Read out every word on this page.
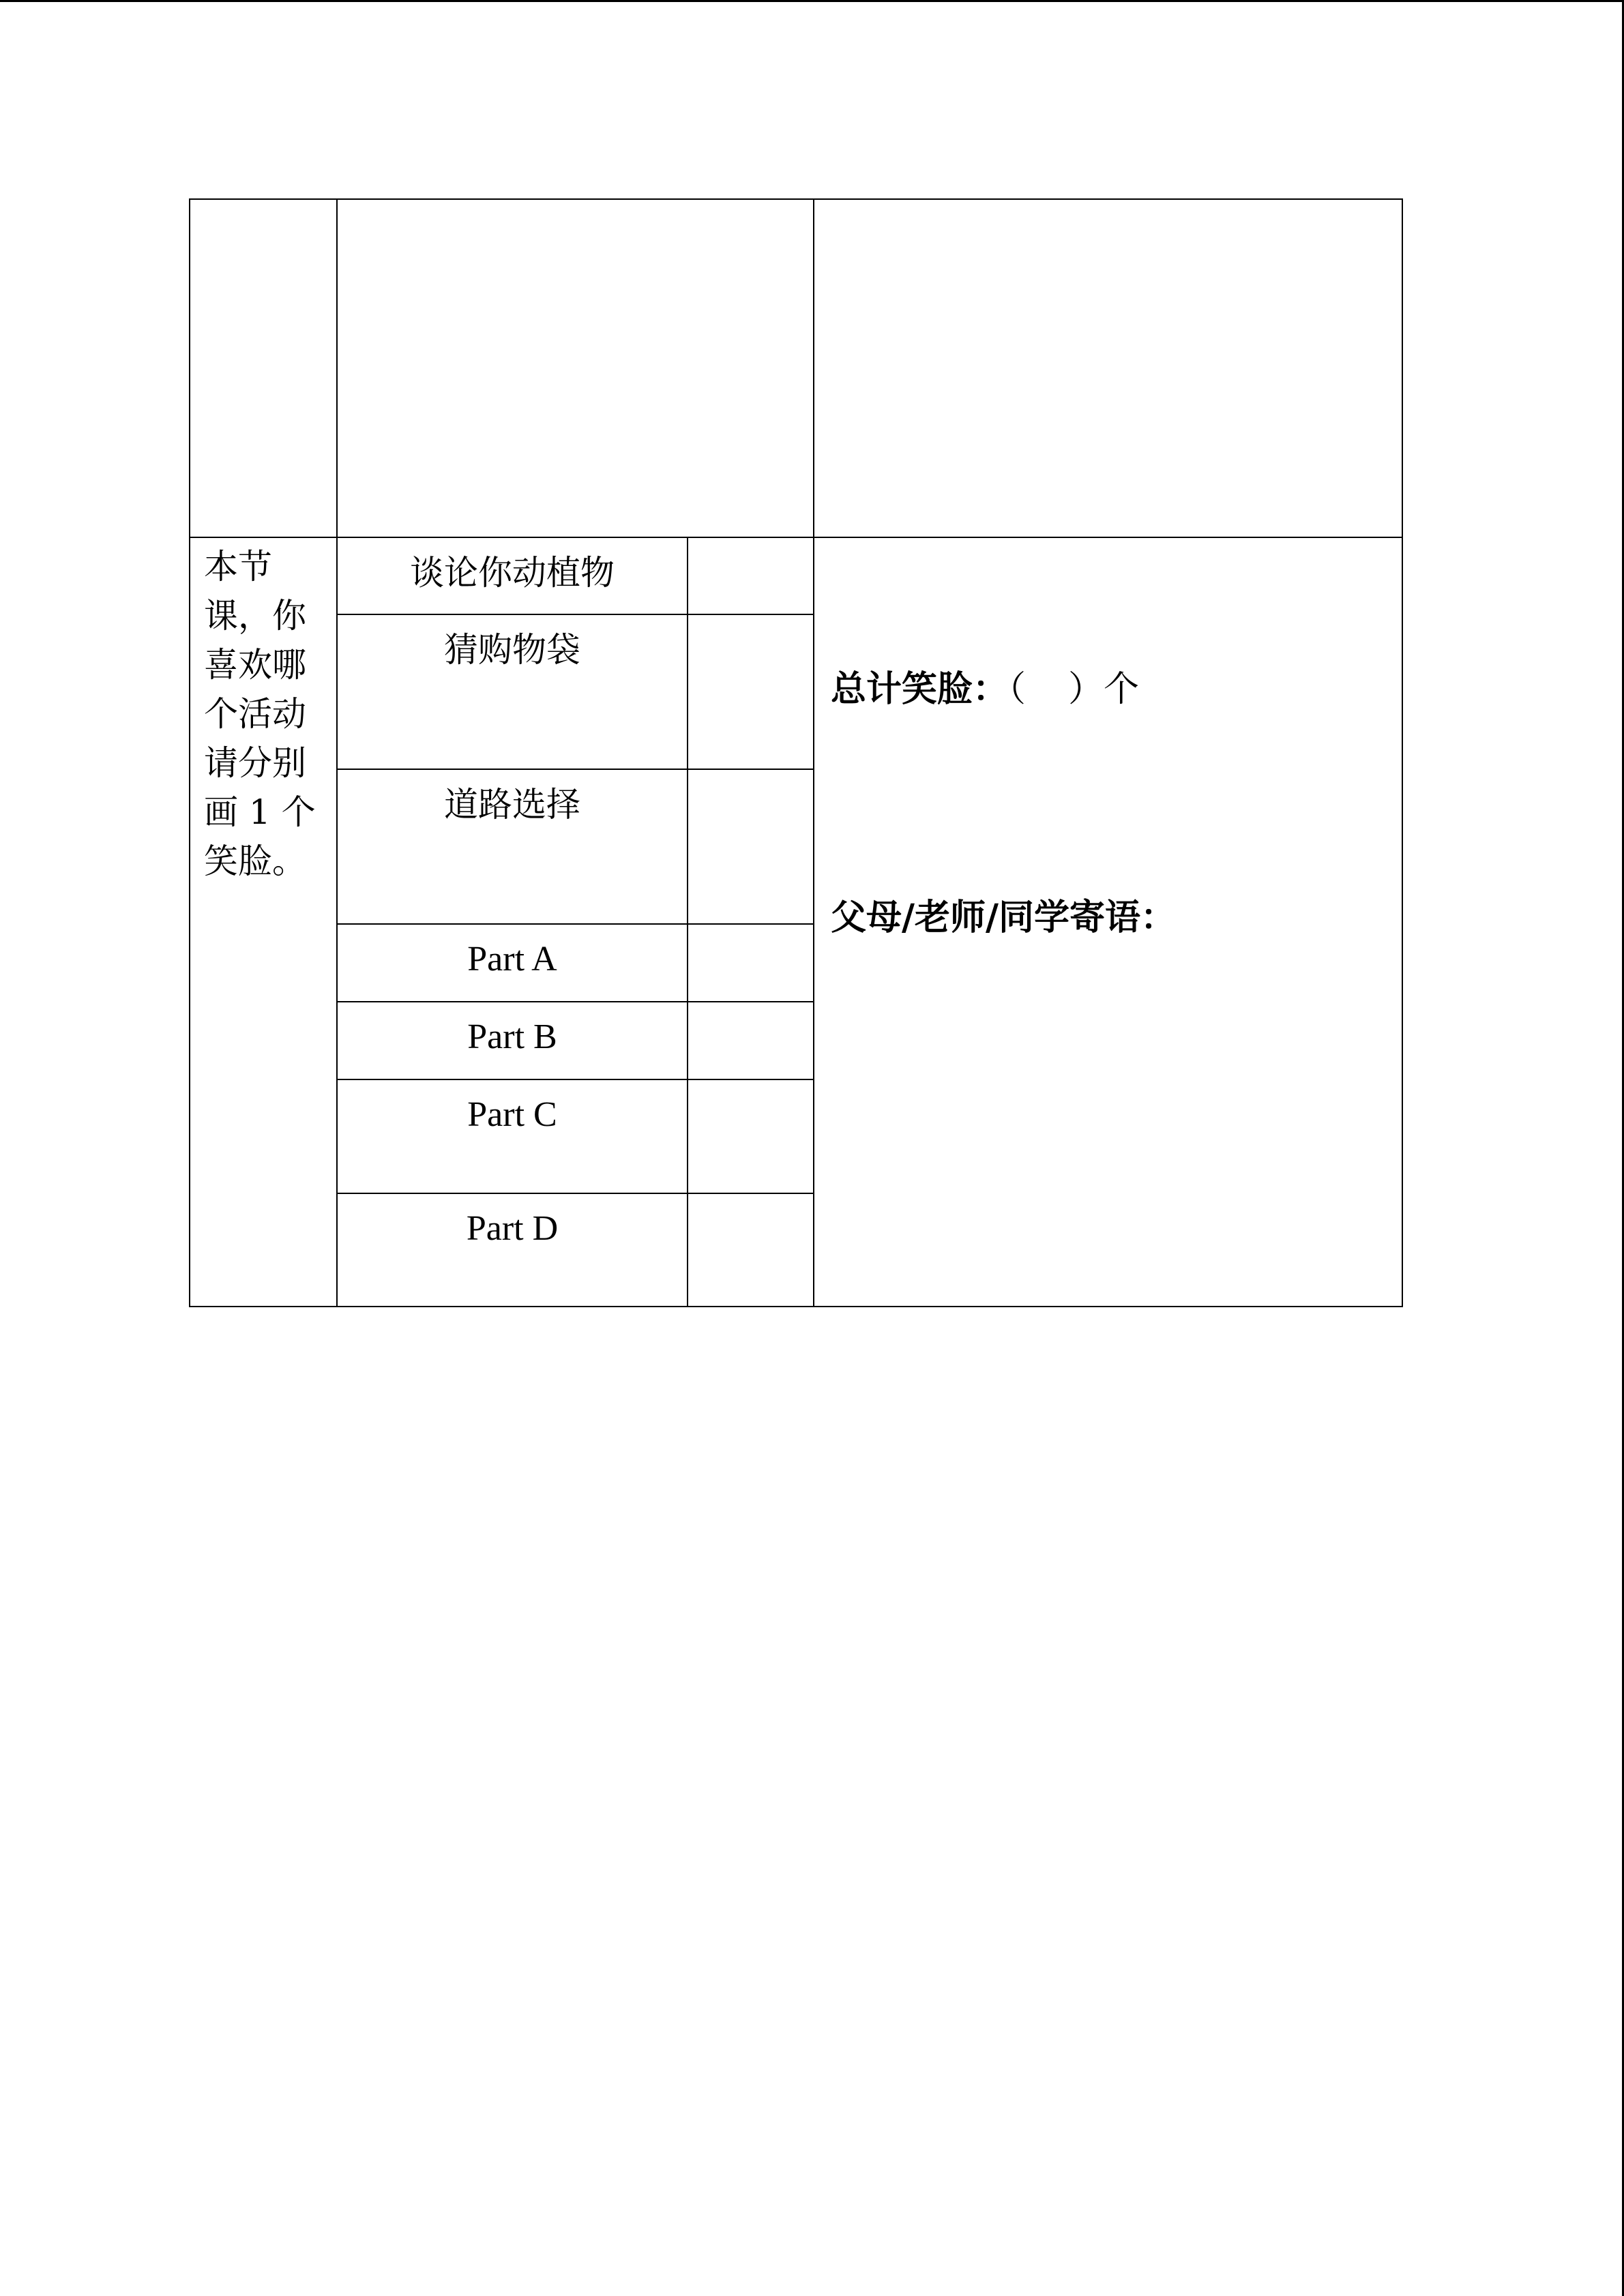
本节课，你喜欢哪个活动请分别画 1 个笑脸。	谈论你动植物		总计笑脸：（ ）个
父母/老师/同学寄语：

	猜购物袋		
	道路选择		
	Part A		
	Part B		
	Part C		
	Part D		
